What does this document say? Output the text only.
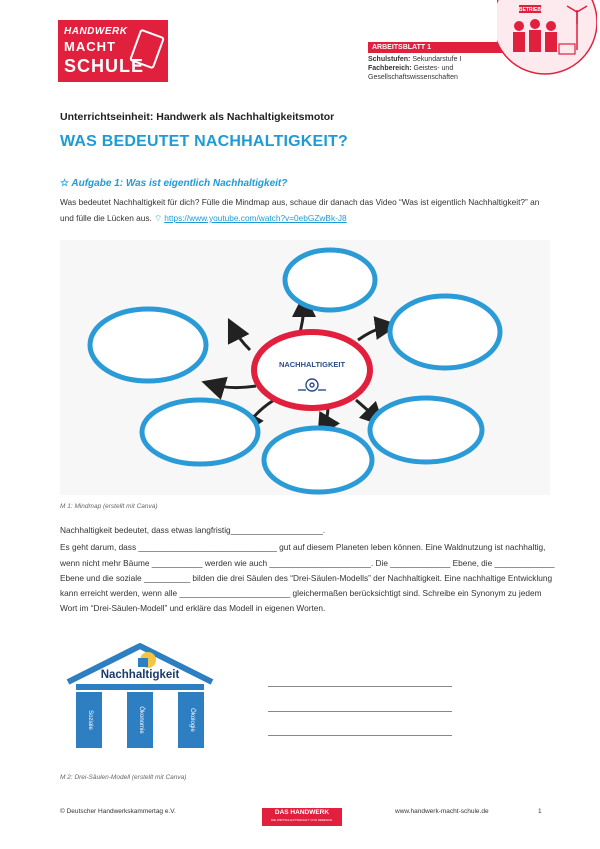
HANDWERK
MACHT
SCHULE
ARBEITSBLATT 1
Schulstufen: Sekundarstufe I
Fachbereich: Geistes- und
Gesellschaftswissenschaften
BETRIEB
Unterrichtseinheit: Handwerk als Nachhaltigkeitsmotor
WAS BEDEUTET NACHHALTIGKEIT?
☆ Aufgabe 1: Was ist eigentlich Nachhaltigkeit?
Was bedeutet Nachhaltigkeit für dich? Fülle die Mindmap aus, schaue dir danach das Video “Was ist eigentlich Nachhaltigkeit?” an und fülle die Lücken aus. ⌔ https://www.youtube.com/watch?v=0ebGZwBk-J8
NACHHALTIGKEIT
M 1: Mindmap (erstellt mit Canva)

Nachhaltigkeit bedeutet, dass etwas langfristig____________________.

Es geht darum, dass ______________________________ gut auf diesem Planeten leben können. Eine Waldnutzung ist nachhaltig, wenn nicht mehr Bäume ___________ werden wie auch ______________________. Die _____________ Ebene, die _____________ Ebene und die soziale __________ bilden die drei Säulen des “Drei-Säulen-Modells” der Nachhaltigkeit. Eine nachhaltige Entwicklung kann erreicht werden, wenn alle ________________________ gleichermaßen berücksichtigt sind. Schreibe ein Synonym zu jedem Wort im “Drei-Säulen-Modell” und erkläre das Modell in eigenen Worten.

Nachhaltigkeit
Soziale	Ökonomie	Ökologie
M 2: Drei-Säulen-Modell (erstellt mit Canva)
© Deutscher Handwerkskammertag e.V.	DAS HANDWERK
DIE WIRTSCHAFTSMACHT. VON NEBENAN.
www.handwerk-macht-schule.de	1
